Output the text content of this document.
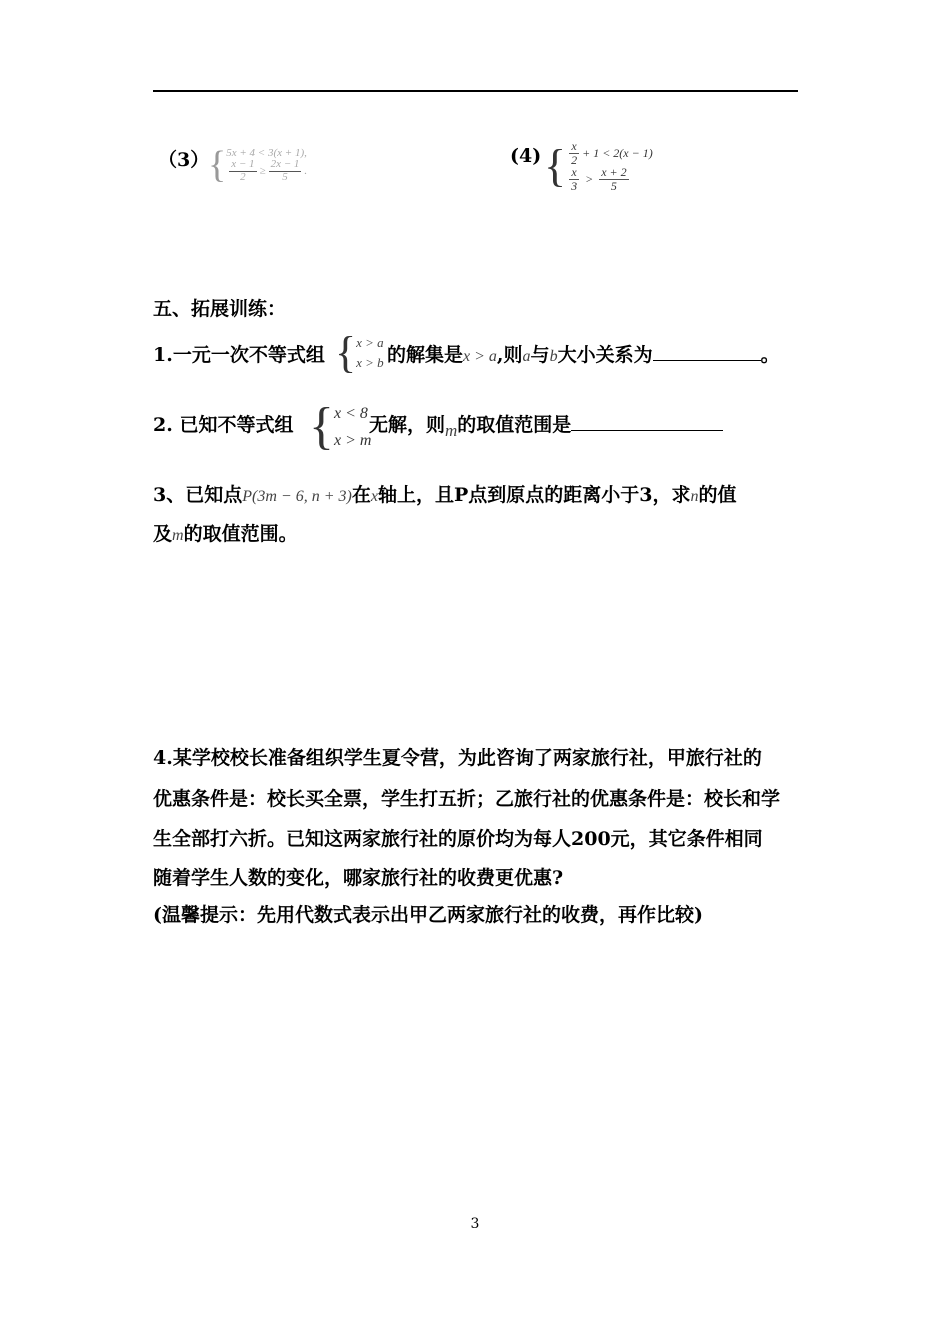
（3）
{ 5x + 4 < 3(x + 1),
$\frac{x - 1}{2} \ge \frac{2x - 1}{5}$ .
(4) { $\frac{x}{2} + 1 < 2(x - 1)$
$\frac{x}{3} > \frac{x + 2}{5}$
五、拓展训练：
1.一元一次不等式组 { x > a
x > b 的解集是x > a,则a与b大小关系为	。
2. 已知不等式组 { x < 8
x > m
无解，则m的取值范围是
3、已知点P(3m − 6, n + 3)在x轴上，且P点到原点的距离小于3，求n的值
及m的取值范围。
4.某学校校长准备组织学生夏令营，为此咨询了两家旅行社，甲旅行社的
优惠条件是：校长买全票，学生打五折；乙旅行社的优惠条件是：校长和学
生全部打六折。已知这两家旅行社的原价均为每人200元，其它条件相同
随着学生人数的变化，哪家旅行社的收费更优惠?
(温馨提示：先用代数式表示出甲乙两家旅行社的收费，再作比较)
3
